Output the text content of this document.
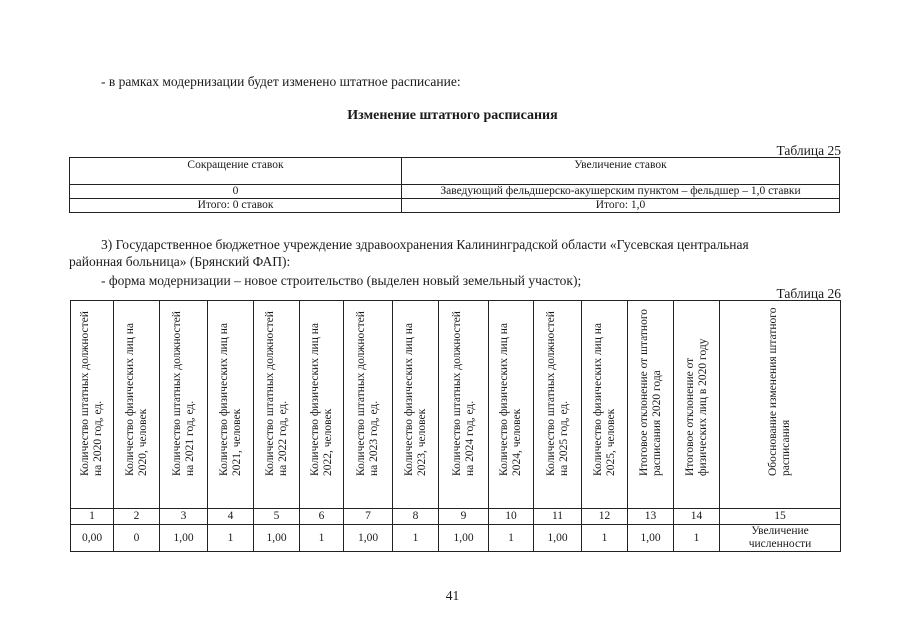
- в рамках модернизации будет изменено штатное расписание:
Изменение штатного расписания
Таблица 25
Сокращение ставок	Увеличение ставок
0	Заведующий фельдшерско-акушерским пунктом – фельдшер – 1,0 ставки
Итого: 0 ставок	Итого: 1,0
3) Государственное бюджетное учреждение здравоохранения Калининградской области «Гусевская центральная
районная больница» (Брянский ФАП):
- форма модернизации – новое строительство (выделен новый земельный участок);
Таблица 26
Количество штатных должностей на 2020 год, ед.	Количество физических лиц на 2020, человек	Количество штатных должностей на 2021 год, ед.	Количество физических лиц на 2021, человек	Количество штатных должностей на 2022 год, ед.	Количество физических лиц на 2022, человек	Количество штатных должностей на 2023 год, ед.	Количество физических лиц на 2023, человек	Количество штатных должностей на 2024 год, ед.	Количество физических лиц на 2024, человек	Количество штатных должностей на 2025 год, ед.	Количество физических лиц на 2025, человек	Итоговое отклонение от штатного расписания 2020 года	Итоговое отклонение от физических лиц в 2020 году	Обоснование изменения штатного расписания

1	2	3	4	5	6	7	8	9	10	11	12	13	14	15
0,00	0	1,00	1	1,00	1	1,00	1	1,00	1	1,00	1	1,00	1	Увеличение численности
41
